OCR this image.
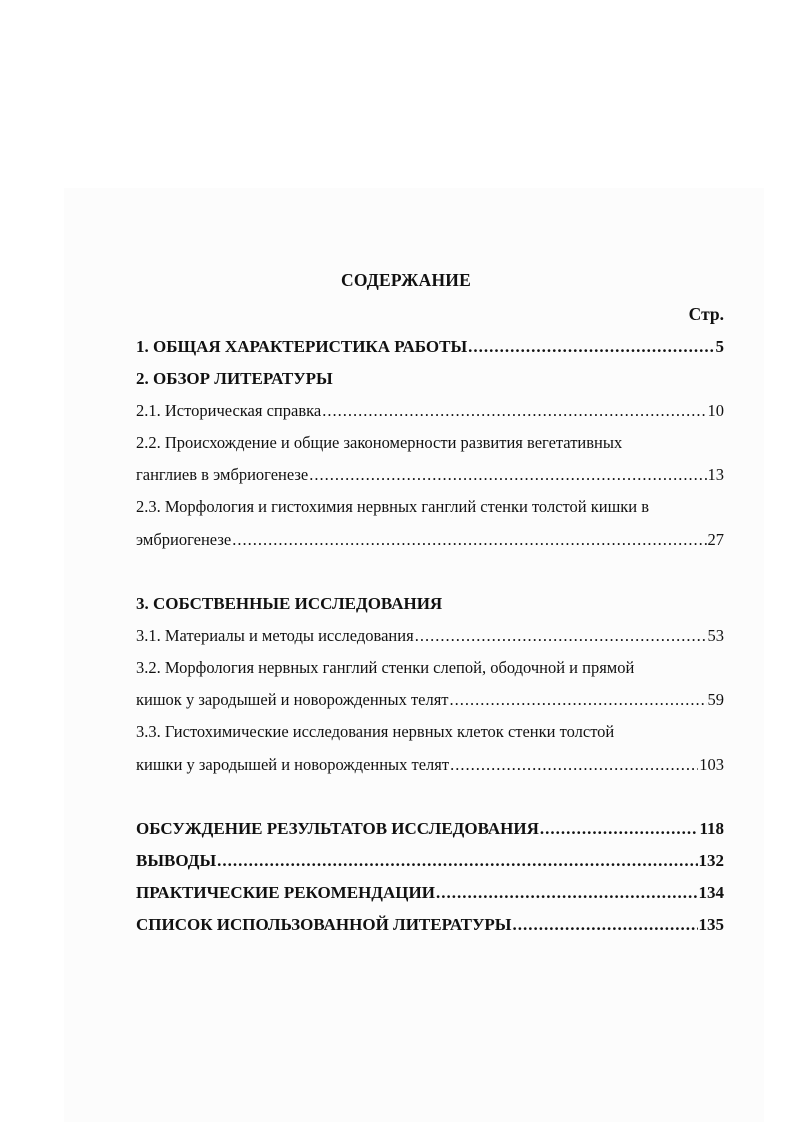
СОДЕРЖАНИЕ
Стр.
1. ОБЩАЯ ХАРАКТЕРИСТИКА РАБОТЫ .....	5
2. ОБЗОР ЛИТЕРАТУРЫ
2.1. Историческая справка .....	10
2.2. Происхождение и общие закономерности развития вегетативных
ганглиев в эмбриогенезе .....	13
2.3. Морфология и гистохимия нервных ганглий стенки толстой кишки в
эмбриогенезе .....	27
3. СОБСТВЕННЫЕ ИССЛЕДОВАНИЯ
3.1. Материалы и методы исследования .....	53
3.2. Морфология нервных ганглий стенки слепой, ободочной и прямой
кишок у зародышей и новорожденных телят .....	59
3.3. Гистохимические исследования нервных клеток стенки толстой
кишки у зародышей и новорожденных телят .....	103
ОБСУЖДЕНИЕ РЕЗУЛЬТАТОВ ИССЛЕДОВАНИЯ .....	118
ВЫВОДЫ .....	132
ПРАКТИЧЕСКИЕ РЕКОМЕНДАЦИИ .....	134
СПИСОК ИСПОЛЬЗОВАННОЙ ЛИТЕРАТУРЫ .....	135
